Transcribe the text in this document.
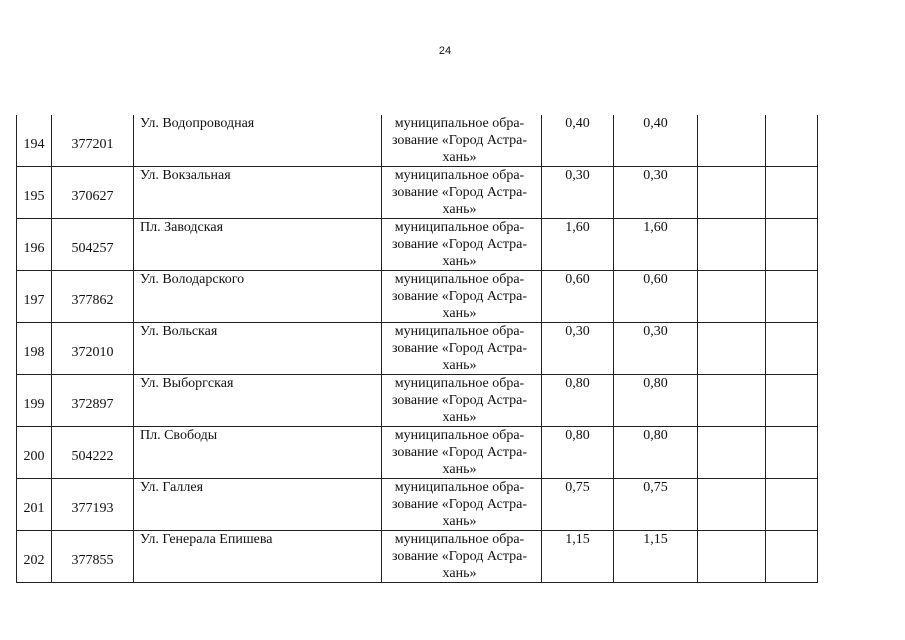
24
194	377201	Ул. Водопроводная	муниципальное обра-
зование «Город Астра-
хань»	0,40	0,40		
195	370627	Ул. Вокзальная	муниципальное обра-
зование «Город Астра-
хань»	0,30	0,30		
196	504257	Пл. Заводская	муниципальное обра-
зование «Город Астра-
хань»	1,60	1,60		
197	377862	Ул. Володарского	муниципальное обра-
зование «Город Астра-
хань»	0,60	0,60		
198	372010	Ул. Вольская	муниципальное обра-
зование «Город Астра-
хань»	0,30	0,30		
199	372897	Ул. Выборгская	муниципальное обра-
зование «Город Астра-
хань»	0,80	0,80		
200	504222	Пл. Свободы	муниципальное обра-
зование «Город Астра-
хань»	0,80	0,80		
201	377193	Ул. Галлея	муниципальное обра-
зование «Город Астра-
хань»	0,75	0,75		
202	377855	Ул. Генерала Епишева	муниципальное обра-
зование «Город Астра-
хань»	1,15	1,15		
